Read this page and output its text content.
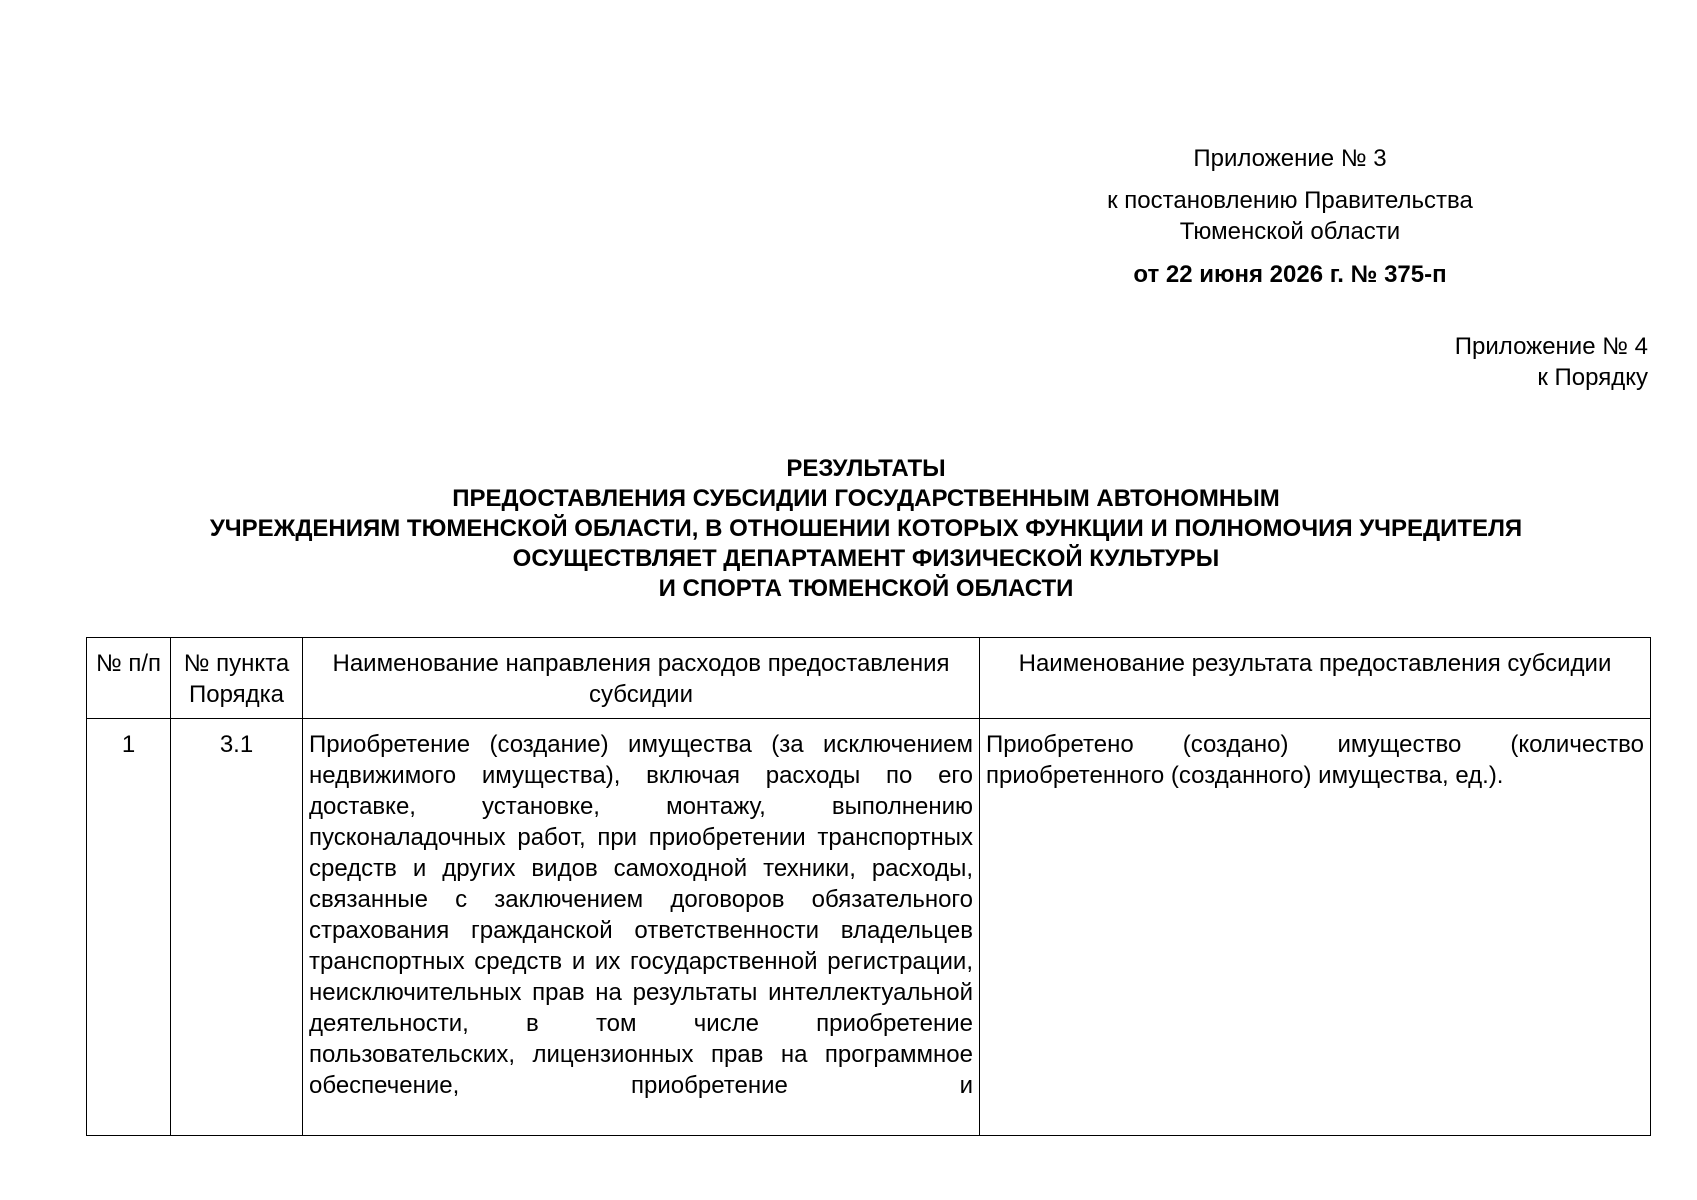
Приложение № 3
к постановлению Правительства
Тюменской области
от 22 июня 2026 г. № 375-п
Приложение № 4
к Порядку
РЕЗУЛЬТАТЫ
ПРЕДОСТАВЛЕНИЯ СУБСИДИИ ГОСУДАРСТВЕННЫМ АВТОНОМНЫМ
УЧРЕЖДЕНИЯМ ТЮМЕНСКОЙ ОБЛАСТИ, В ОТНОШЕНИИ КОТОРЫХ ФУНКЦИИ И ПОЛНОМОЧИЯ УЧРЕДИТЕЛЯ
ОСУЩЕСТВЛЯЕТ ДЕПАРТАМЕНТ ФИЗИЧЕСКОЙ КУЛЬТУРЫ
И СПОРТА ТЮМЕНСКОЙ ОБЛАСТИ
№ п/п	№ пункта Порядка	Наименование направления расходов предоставления субсидии	Наименование результата предоставления субсидии
1	3.1	Приобретение (создание) имущества (за исключением недвижимого имущества), включая расходы по его доставке, установке, монтажу, выполнению пусконаладочных работ, при приобретении транспортных средств и других видов самоходной техники, расходы, связанные с заключением договоров обязательного страхования гражданской ответственности владельцев транспортных средств и их государственной регистрации, неисключительных прав на результаты интеллектуальной деятельности, в том числе приобретение пользовательских, лицензионных прав на программное обеспечение, приобретение и	Приобретено (создано) имущество (количество приобретенного (созданного) имущества, ед.).
